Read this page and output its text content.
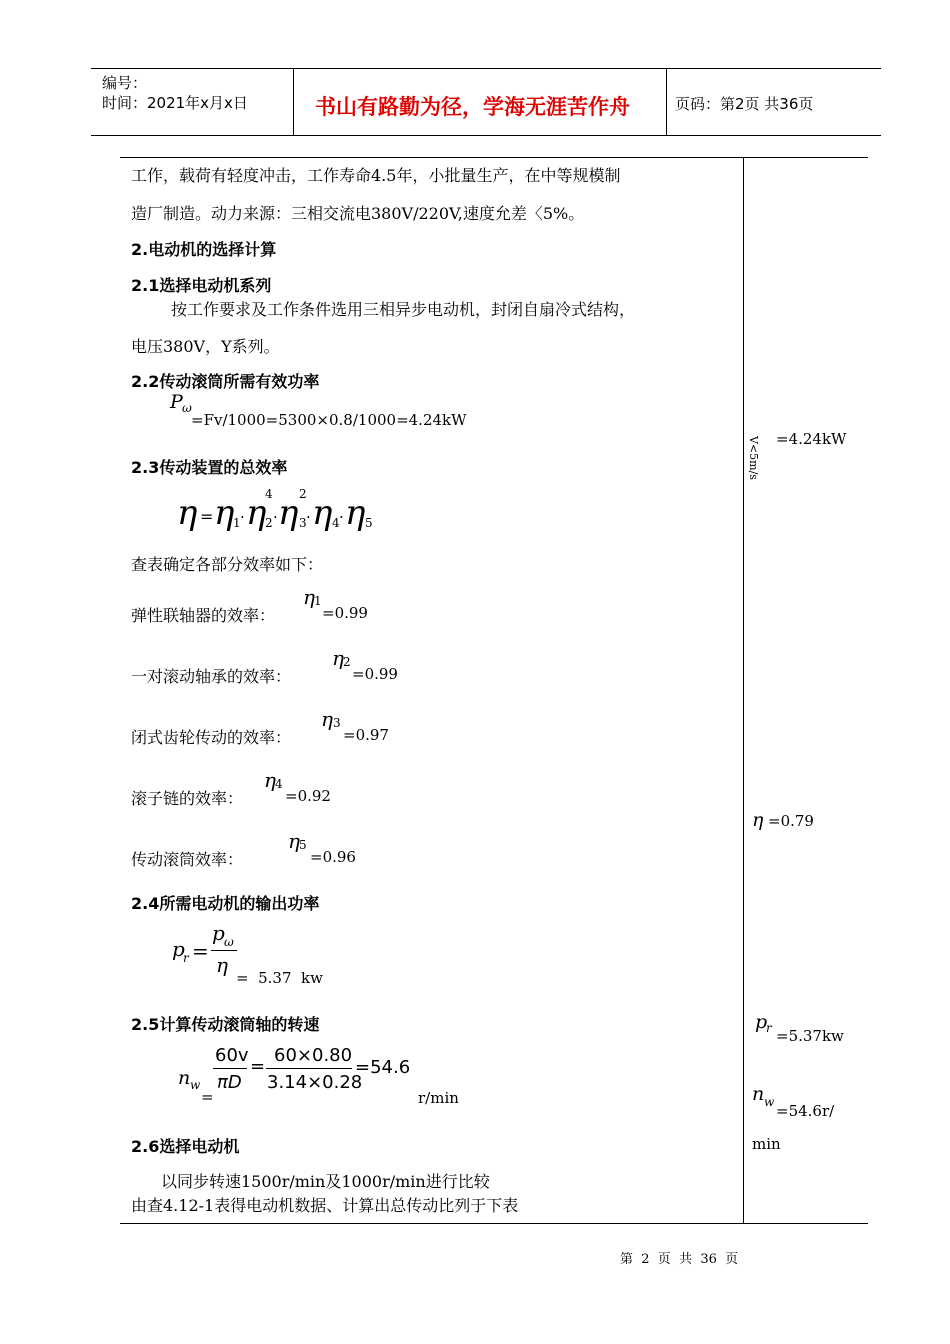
编号：
时间：2021年x月x日	书山有路勤为径，学海无涯苦作舟	页码：第2页 共36页
工作，载荷有轻度冲击，工作寿命4.5年，小批量生产，在中等规模制
造厂制造。动力来源：三相交流电380V/220V,速度允差〈5%。
2.电动机的选择计算
2.1选择电动机系列
按工作要求及工作条件选用三相异步电动机，封闭自扇冷式结构，
电压380V，Y系列。
2.2传动滚筒所需有效功率
P ω
=Fv/1000=5300×0.8/1000=4.24kW
2.3传动装置的总效率
η = η
1 · η
4
2 · η 2
3 · η 4 · η 5
查表确定各部分效率如下：
弹性联轴器的效率：
η 1
=0.99
一对滚动轴承的效率：
η 2
=0.99
闭式齿轮传动的效率：
η 3
=0.97
滚子链的效率：
η 4
=0.92
传动滚筒效率：
η 5
=0.96
2.4所需电动机的输出功率
p
r =
p ω
η
=  5.37  kw
2.5计算传动滚筒轴的转速
n w
=
60v
πD
=
60×0.80
3.14×0.28
=54.6
r/min
2.6选择电动机
以同步转速1500r/min及1000r/min进行比较
由查4.12-1表得电动机数据、计算出总传动比列于下表
V<5m/s =4.24kW
η =0.79
p
r =5.37kw
n w =54.6r/
min
第  2  页  共  36  页
